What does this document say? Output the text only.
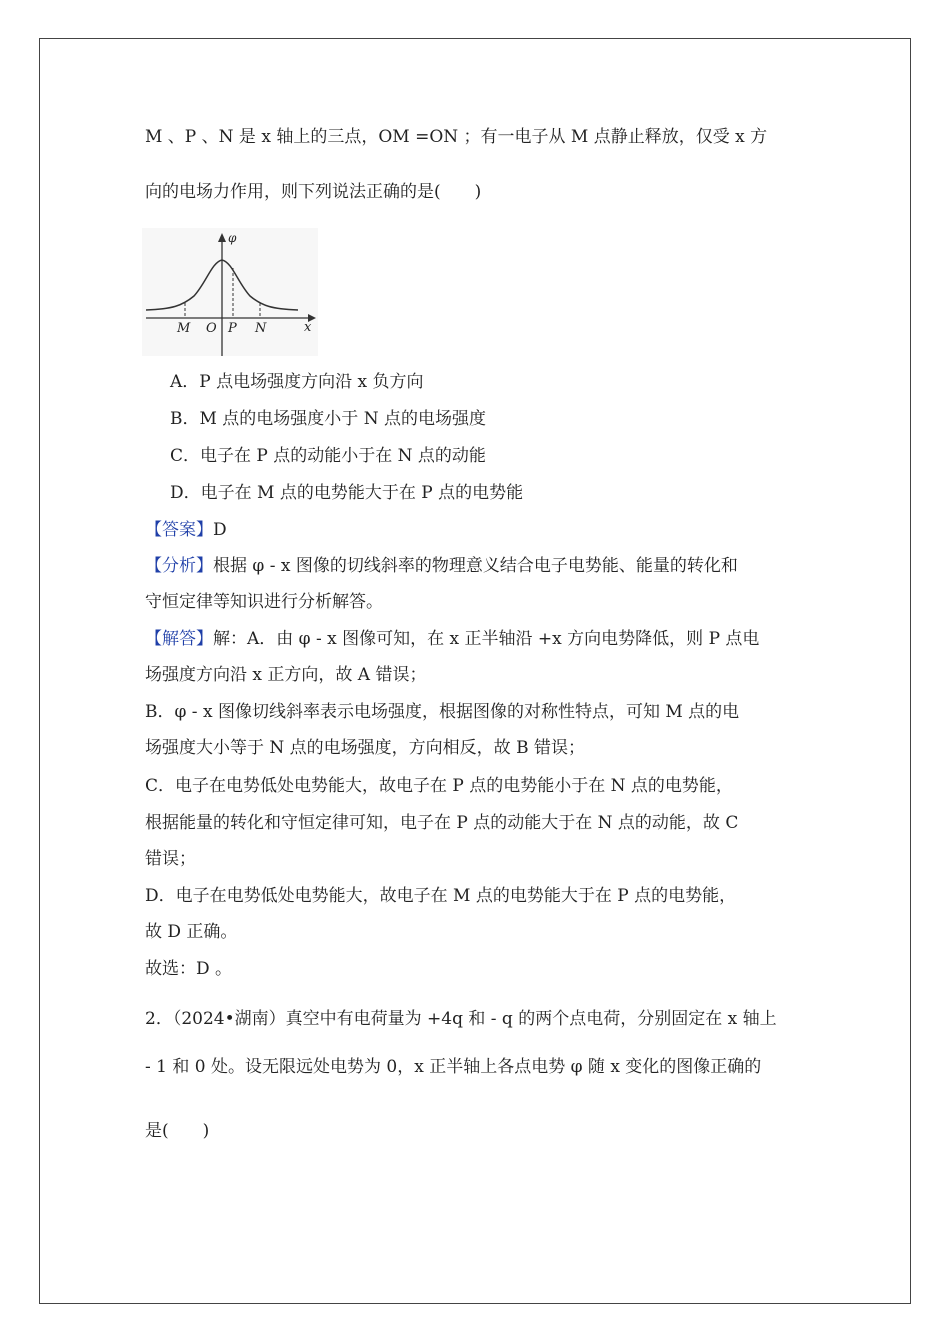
M 、P 、N 是 x 轴上的三点，OM =ON ；有一电子从 M 点静止释放，仅受 x 方
向的电场力作用，则下列说法正确的是(　　)
φ
x
M O P N
A．P 点电场强度方向沿 x 负方向
B．M 点的电场强度小于 N 点的电场强度
C．电子在 P 点的动能小于在 N 点的动能
D．电子在 M 点的电势能大于在 P 点的电势能
【答案】D
【分析】根据 φ - x 图像的切线斜率的物理意义结合电子电势能、能量的转化和
守恒定律等知识进行分析解答。
【解答】解：A．由 φ - x 图像可知，在 x 正半轴沿 +x 方向电势降低，则 P 点电
场强度方向沿 x 正方向，故 A 错误；
B．φ - x 图像切线斜率表示电场强度，根据图像的对称性特点，可知 M 点的电
场强度大小等于 N 点的电场强度，方向相反，故 B 错误；
C．电子在电势低处电势能大，故电子在 P 点的电势能小于在 N 点的电势能，
根据能量的转化和守恒定律可知，电子在 P 点的动能大于在 N 点的动能，故 C
错误；
D．电子在电势低处电势能大，故电子在 M 点的电势能大于在 P 点的电势能，
故 D 正确。
故选：D 。
2．（2024•湖南）真空中有电荷量为 +4q 和 - q 的两个点电荷，分别固定在 x 轴上
- 1 和 0 处。设无限远处电势为 0，x 正半轴上各点电势 φ 随 x 变化的图像正确的
是(　　)
